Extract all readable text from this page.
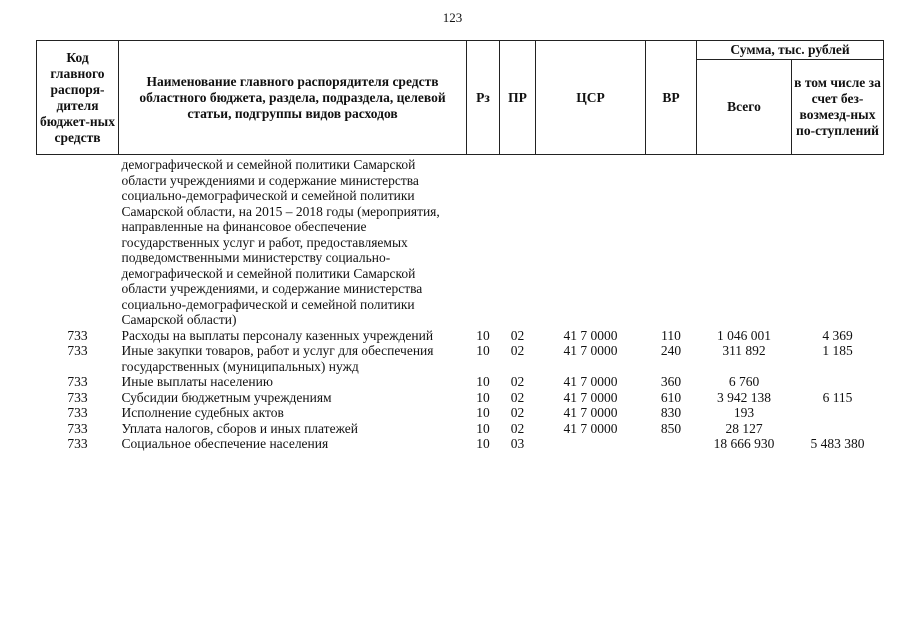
123
Код главного распоря-дителя бюджет-ных средств	Наименование главного распорядителя средств областного бюджета, раздела, подраздела, целевой статьи, подгруппы видов расходов	Рз	ПР	ЦСР	ВР	Сумма, тыс. рублей	
						Всего	в том числе за счет без-возмезд-ных по-ступлений
	демографической и семейной политики Самарской области учреждениями и содержание министерства социально-демографической и семейной политики Самарской области, на 2015 – 2018 годы (мероприятия, направленные на финансовое обеспечение государственных услуг и работ, предоставляемых подведомственными министерству социально-демографической и семейной политики Самарской области учреждениями, и содержание министерства социально-демографической и семейной политики Самарской области)						
733	Расходы на выплаты персоналу казенных учреждений	10	02	41 7 0000	110	1 046 001	4 369
733	Иные закупки товаров, работ и услуг для обеспечения государственных (муниципальных) нужд	10	02	41 7 0000	240	311 892	1 185
733	Иные выплаты населению	10	02	41 7 0000	360	6 760	
733	Субсидии бюджетным учреждениям	10	02	41 7 0000	610	3 942 138	6 115
733	Исполнение судебных актов	10	02	41 7 0000	830	193	
733	Уплата налогов, сборов и иных платежей	10	02	41 7 0000	850	28 127	
733	Социальное обеспечение населения	10	03			18 666 930	5 483 380
